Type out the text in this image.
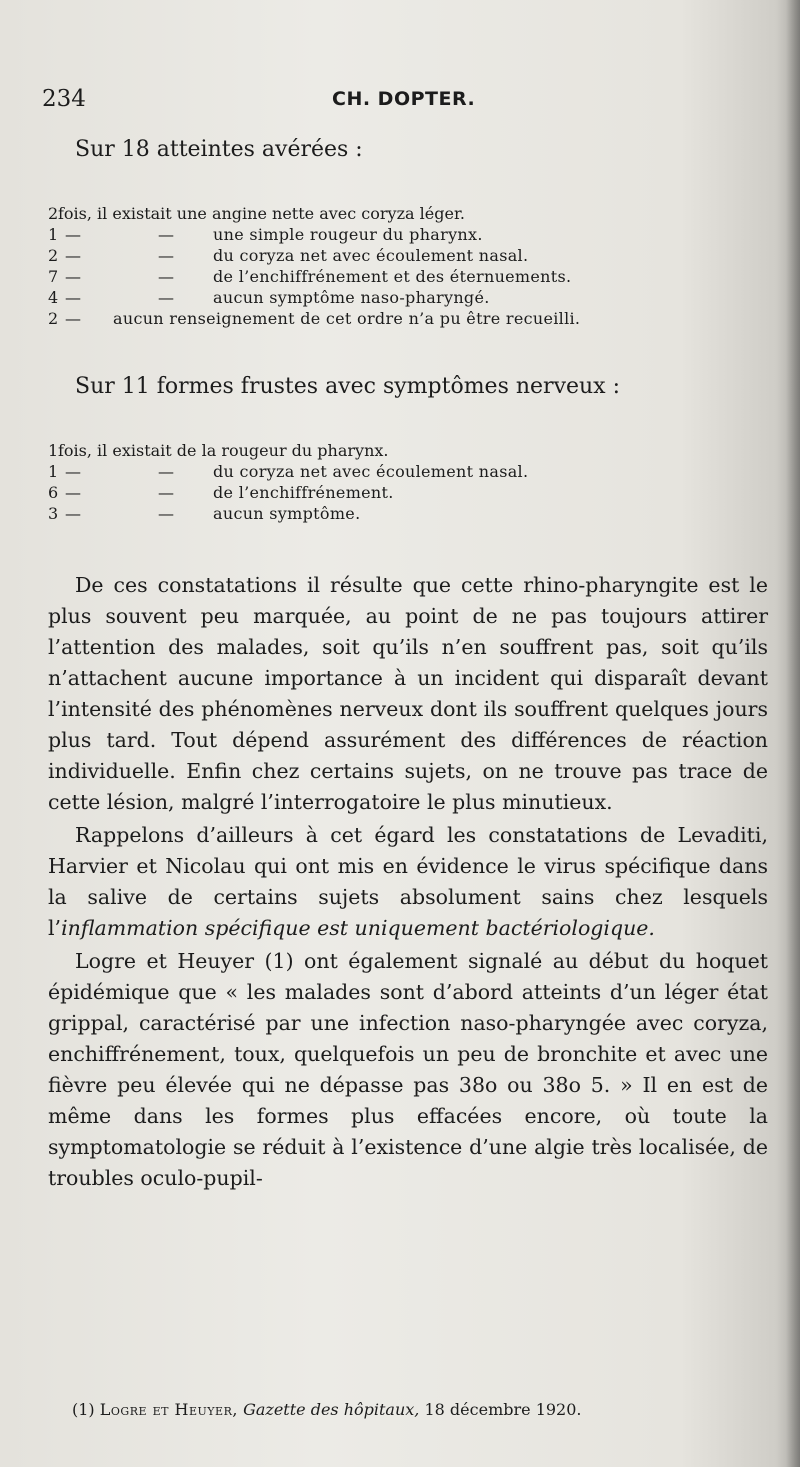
234	CH. DOPTER.
Sur 18 atteintes avérées :
2 fois, il existait une angine nette avec coryza léger.
1 —	— une simple rougeur du pharynx.
2 —	— du coryza net avec écoulement nasal.
7 —	— de l’enchiffrénement et des éternuements.
4 —	— aucun symptôme naso-pharyngé.
2 — aucun renseignement de cet ordre n’a pu être recueilli.
Sur 11 formes frustes avec symptômes nerveux :
1 fois, il existait de la rougeur du pharynx.
1 —	— du coryza net avec écoulement nasal.
6 —	— de l’enchiffrénement.
3 —	— aucun symptôme.

De ces constatations il résulte que cette rhino-pharyngite est le plus souvent peu marquée, au point de ne pas toujours attirer l’attention des malades, soit qu’ils n’en souffrent pas, soit qu’ils n’attachent aucune importance à un incident qui disparaît devant l’intensité des phénomènes nerveux dont ils souffrent quelques jours plus tard. Tout dépend assurément des différences de réaction individuelle. Enfin chez certains sujets, on ne trouve pas trace de cette lésion, malgré l’interrogatoire le plus minutieux.

Rappelons d’ailleurs à cet égard les constatations de Levaditi, Harvier et Nicolau qui ont mis en évidence le virus spécifique dans la salive de certains sujets absolument sains chez lesquels l’inflammation spécifique est uniquement bactériologique.

Logre et Heuyer (1) ont également signalé au début du hoquet épidémique que « les malades sont d’abord atteints d’un léger état grippal, caractérisé par une infection naso-pharyngée avec coryza, enchiffrénement, toux, quelquefois un peu de bronchite et avec une fièvre peu élevée qui ne dépasse pas 38o ou 38o 5. » Il en est de même dans les formes plus effacées encore, où toute la symptomatologie se réduit à l’existence d’une algie très localisée, de troubles oculo-pupil-

(1) Logre et Heuyer, Gazette des hôpitaux, 18 décembre 1920.
